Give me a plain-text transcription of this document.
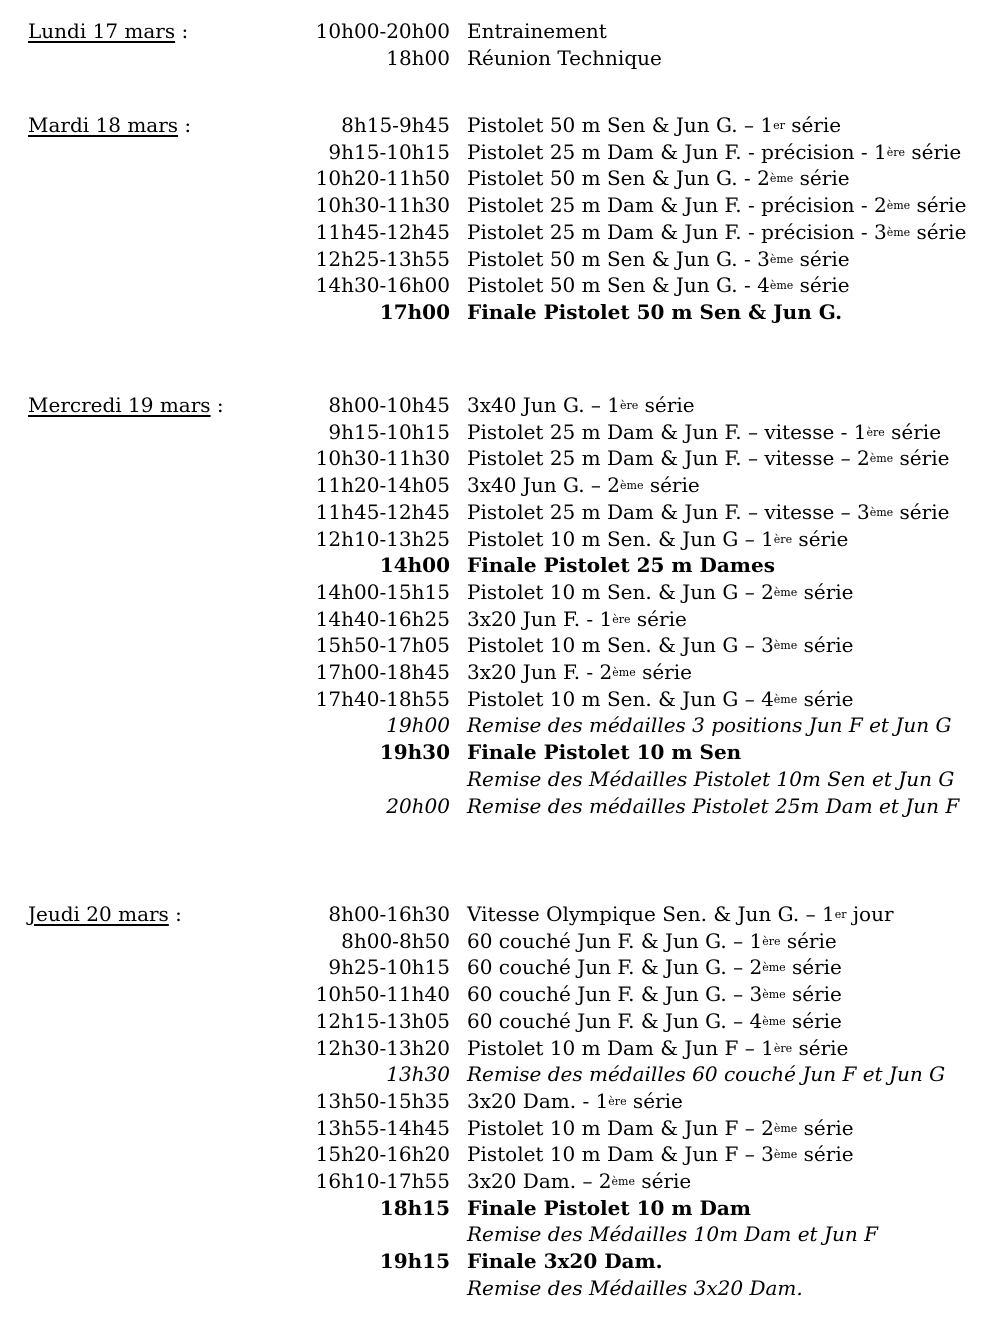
Lundi 17 mars :	10h00-20h00 Entrainement
18h00 Réunion Technique
Mardi 18 mars :	8h15-9h45 Pistolet 50 m Sen & Jun G. – 1er série
9h15-10h15 Pistolet 25 m Dam & Jun F. - précision - 1ère série
10h20-11h50 Pistolet 50 m Sen & Jun G. - 2ème série
10h30-11h30 Pistolet 25 m Dam & Jun F. - précision - 2ème série
11h45-12h45 Pistolet 25 m Dam & Jun F. - précision - 3ème série
12h25-13h55 Pistolet 50 m Sen & Jun G. - 3ème série
14h30-16h00 Pistolet 50 m Sen & Jun G. - 4ème série
17h00 Finale Pistolet 50 m Sen & Jun G.
Mercredi 19 mars :	8h00-10h45 3x40 Jun G. – 1ère série
9h15-10h15 Pistolet 25 m Dam & Jun F. – vitesse - 1ère série
10h30-11h30 Pistolet 25 m Dam & Jun F. – vitesse – 2ème série
11h20-14h05 3x40 Jun G. – 2ème série
11h45-12h45 Pistolet 25 m Dam & Jun F. – vitesse – 3ème série
12h10-13h25 Pistolet 10 m Sen. & Jun G – 1ère série
14h00 Finale Pistolet 25 m Dames
14h00-15h15 Pistolet 10 m Sen. & Jun G – 2ème série
14h40-16h25 3x20 Jun F. - 1ère série
15h50-17h05 Pistolet 10 m Sen. & Jun G – 3ème série
17h00-18h45 3x20 Jun F. - 2ème série
17h40-18h55 Pistolet 10 m Sen. & Jun G – 4ème série
19h00 Remise des médailles 3 positions Jun F et Jun G
19h30 Finale Pistolet 10 m Sen
Remise des Médailles Pistolet 10m Sen et Jun G
20h00 Remise des médailles Pistolet 25m Dam et Jun F
Jeudi 20 mars :	8h00-16h30 Vitesse Olympique Sen. & Jun G. – 1er jour
8h00-8h50 60 couché Jun F. & Jun G. – 1ère série
9h25-10h15 60 couché Jun F. & Jun G. – 2ème série
10h50-11h40 60 couché Jun F. & Jun G. – 3ème série
12h15-13h05 60 couché Jun F. & Jun G. – 4ème série
12h30-13h20 Pistolet 10 m Dam & Jun F – 1ère série
13h30 Remise des médailles 60 couché Jun F et Jun G
13h50-15h35 3x20 Dam. - 1ère série
13h55-14h45 Pistolet 10 m Dam & Jun F – 2ème série
15h20-16h20 Pistolet 10 m Dam & Jun F – 3ème série
16h10-17h55 3x20 Dam. – 2ème série
18h15 Finale Pistolet 10 m Dam
Remise des Médailles 10m Dam et Jun F
19h15 Finale 3x20 Dam.
Remise des Médailles 3x20 Dam.
